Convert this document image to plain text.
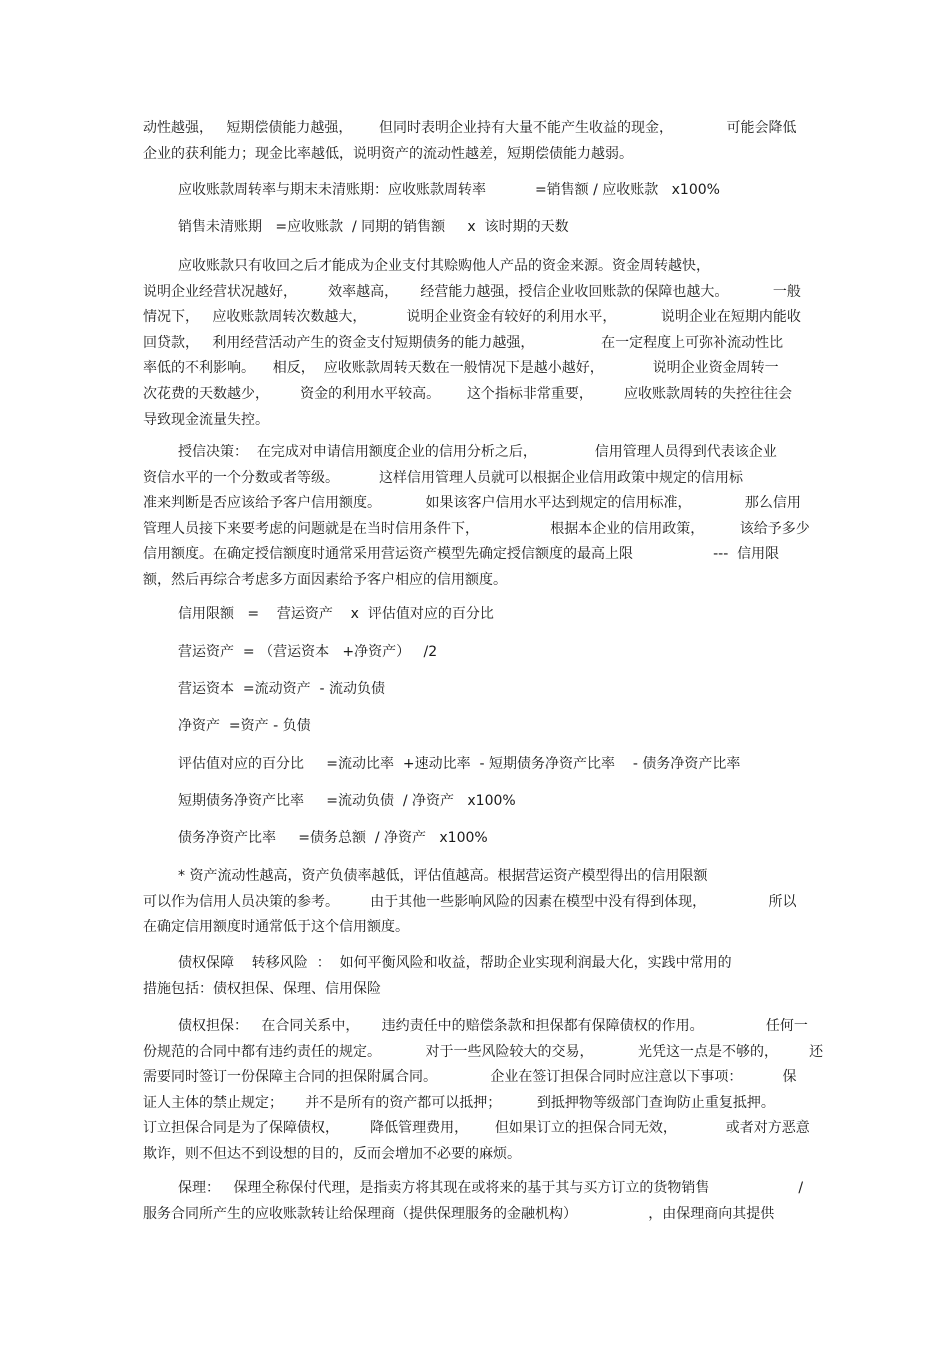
动性越强，   短期偿债能力越强，      但同时表明企业持有大量不能产生收益的现金，            可能会降低
企业的获利能力；现金比率越低，说明资产的流动性越差，短期偿债能力越弱。
应收账款周转率与期末未清账期：应收账款周转率           =销售额 / 应收账款   x100%
销售未清账期   =应收账款  / 同期的销售额     x  该时期的天数
应收账款只有收回之后才能成为企业支付其赊购他人产品的资金来源。资金周转越快，
说明企业经营状况越好，       效率越高，     经营能力越强，授信企业收回账款的保障也越大。          一般
情况下，   应收账款周转次数越大，         说明企业资金有较好的利用水平，          说明企业在短期内能收
回贷款，   利用经营活动产生的资金支付短期债务的能力越强，               在一定程度上可弥补流动性比
率低的不利影响。    相反，  应收账款周转天数在一般情况下是越小越好，           说明企业资金周转一
次花费的天数越少，       资金的利用水平较高。      这个指标非常重要，       应收账款周转的失控往往会
导致现金流量失控。
授信决策：  在完成对申请信用额度企业的信用分析之后，             信用管理人员得到代表该企业
资信水平的一个分数或者等级。         这样信用管理人员就可以根据企业信用政策中规定的信用标
准来判断是否应该给予客户信用额度。          如果该客户信用水平达到规定的信用标准，            那么信用
管理人员接下来要考虑的问题就是在当时信用条件下，                根据本企业的信用政策，        该给予多少
信用额度。在确定授信额度时通常采用营运资产模型先确定授信额度的最高上限                  ---  信用限
额，然后再综合考虑多方面因素给予客户相应的信用额度。
信用限额   =    营运资产    x  评估值对应的百分比
营运资产  = （营运资本   +净资产）   /2
营运资本  =流动资产  - 流动负债
净资产  =资产 - 负债
评估值对应的百分比     =流动比率  +速动比率  - 短期债务净资产比率    - 债务净资产比率
短期债务净资产比率     =流动负债  / 净资产   x100%
债务净资产比率     =债务总额  / 净资产   x100%
* 资产流动性越高，资产负债率越低，评估值越高。根据营运资产模型得出的信用限额
可以作为信用人员决策的参考。       由于其他一些影响风险的因素在模型中没有得到体现，              所以
在确定信用额度时通常低于这个信用额度。
债权保障    转移风险  ：  如何平衡风险和收益，帮助企业实现利润最大化，实践中常用的
措施包括：债权担保、保理、信用保险
债权担保：   在合同关系中，     违约责任中的赔偿条款和担保都有保障债权的作用。              任何一
份规范的合同中都有违约责任的规定。          对于一些风险较大的交易，          光凭这一点是不够的，       还
需要同时签订一份保障主合同的担保附属合同。            企业在签订担保合同时应注意以下事项：         保
证人主体的禁止规定；     并不是所有的资产都可以抵押；        到抵押物等级部门查询防止重复抵押。
订立担保合同是为了保障债权，       降低管理费用，      但如果订立的担保合同无效，           或者对方恶意
欺诈，则不但达不到设想的目的，反而会增加不必要的麻烦。
保理：   保理全称保付代理，是指卖方将其现在或将来的基于其与买方订立的货物销售                    /
服务合同所产生的应收账款转让给保理商（提供保理服务的金融机构）                ，由保理商向其提供
